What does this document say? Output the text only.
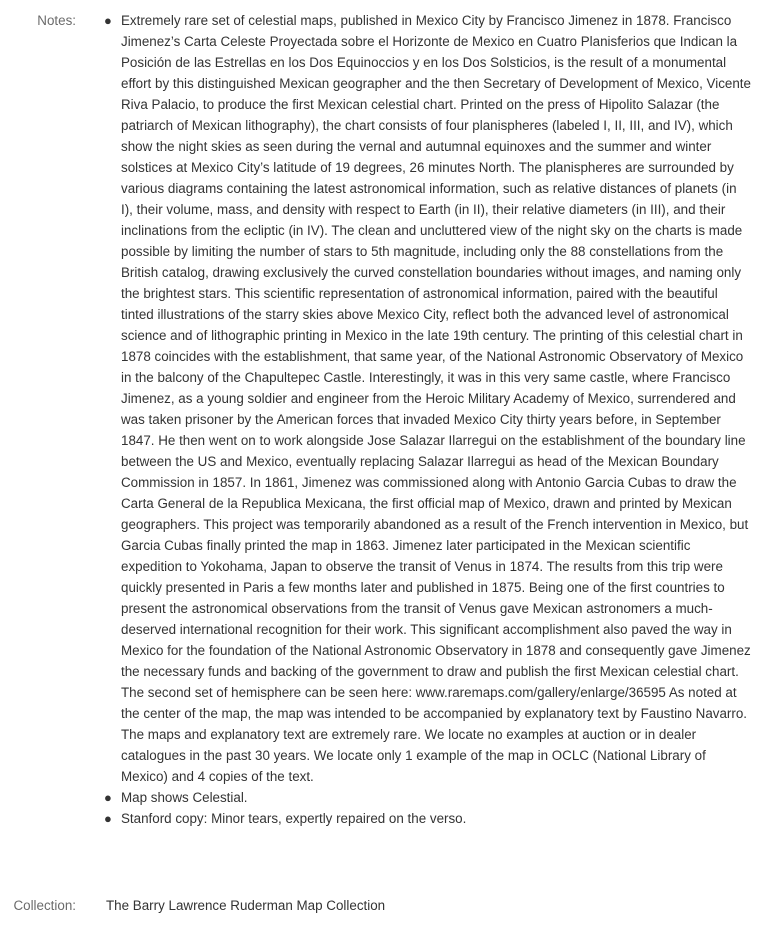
Notes: ● Extremely rare set of celestial maps, published in Mexico City by Francisco Jimenez in 1878. Francisco Jimenez’s Carta Celeste Proyectada sobre el Horizonte de Mexico en Cuatro Planisferios que Indican la Posición de las Estrellas en los Dos Equinoccios y en los Dos Solsticios, is the result of a monumental effort by this distinguished Mexican geographer and the then Secretary of Development of Mexico, Vicente Riva Palacio, to produce the first Mexican celestial chart. Printed on the press of Hipolito Salazar (the patriarch of Mexican lithography), the chart consists of four planispheres (labeled I, II, III, and IV), which show the night skies as seen during the vernal and autumnal equinoxes and the summer and winter solstices at Mexico City’s latitude of 19 degrees, 26 minutes North. The planispheres are surrounded by various diagrams containing the latest astronomical information, such as relative distances of planets (in I), their volume, mass, and density with respect to Earth (in II), their relative diameters (in III), and their inclinations from the ecliptic (in IV). The clean and uncluttered view of the night sky on the charts is made possible by limiting the number of stars to 5th magnitude, including only the 88 constellations from the British catalog, drawing exclusively the curved constellation boundaries without images, and naming only the brightest stars. This scientific representation of astronomical information, paired with the beautiful tinted illustrations of the starry skies above Mexico City, reflect both the advanced level of astronomical science and of lithographic printing in Mexico in the late 19th century. The printing of this celestial chart in 1878 coincides with the establishment, that same year, of the National Astronomic Observatory of Mexico in the balcony of the Chapultepec Castle. Interestingly, it was in this very same castle, where Francisco Jimenez, as a young soldier and engineer from the Heroic Military Academy of Mexico, surrendered and was taken prisoner by the American forces that invaded Mexico City thirty years before, in September 1847. He then went on to work alongside Jose Salazar Ilarregui on the establishment of the boundary line between the US and Mexico, eventually replacing Salazar Ilarregui as head of the Mexican Boundary Commission in 1857. In 1861, Jimenez was commissioned along with Antonio Garcia Cubas to draw the Carta General de la Republica Mexicana, the first official map of Mexico, drawn and printed by Mexican geographers. This project was temporarily abandoned as a result of the French intervention in Mexico, but Garcia Cubas finally printed the map in 1863. Jimenez later participated in the Mexican scientific expedition to Yokohama, Japan to observe the transit of Venus in 1874. The results from this trip were quickly presented in Paris a few months later and published in 1875. Being one of the first countries to present the astronomical observations from the transit of Venus gave Mexican astronomers a much-deserved international recognition for their work. This significant accomplishment also paved the way in Mexico for the foundation of the National Astronomic Observatory in 1878 and consequently gave Jimenez the necessary funds and backing of the government to draw and publish the first Mexican celestial chart. The second set of hemisphere can be seen here: www.raremaps.com/gallery/enlarge/36595 As noted at the center of the map, the map was intended to be accompanied by explanatory text by Faustino Navarro. The maps and explanatory text are extremely rare. We locate no examples at auction or in dealer catalogues in the past 30 years. We locate only 1 example of the map in OCLC (National Library of Mexico) and 4 copies of the text.
● Map shows Celestial.
● Stanford copy: Minor tears, expertly repaired on the verso.
Collection:	The Barry Lawrence Ruderman Map Collection
